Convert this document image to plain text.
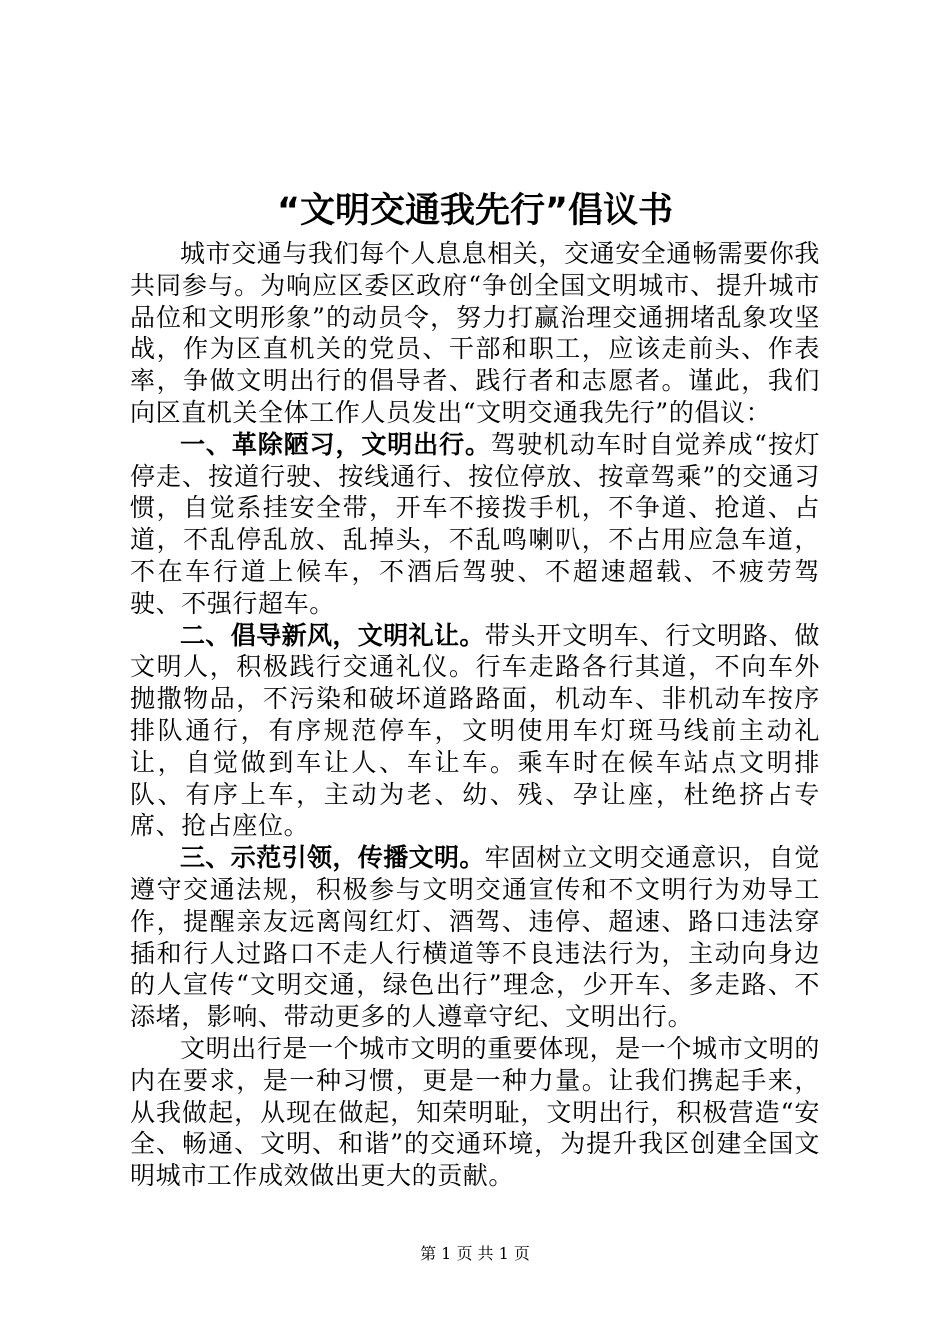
“文明交通我先行”倡议书

城市交通与我们每个人息息相关，交通安全通畅需要你我共同参与。为响应区委区政府“争创全国文明城市、提升城市品位和文明形象”的动员令，努力打赢治理交通拥堵乱象攻坚战，作为区直机关的党员、干部和职工，应该走前头、作表率，争做文明出行的倡导者、践行者和志愿者。谨此，我们向区直机关全体工作人员发出“文明交通我先行”的倡议：

一、革除陋习，文明出行。驾驶机动车时自觉养成“按灯停走、按道行驶、按线通行、按位停放、按章驾乘”的交通习惯，自觉系挂安全带，开车不接拨手机，不争道、抢道、占道，不乱停乱放、乱掉头，不乱鸣喇叭，不占用应急车道，不在车行道上候车，不酒后驾驶、不超速超载、不疲劳驾驶、不强行超车。

二、倡导新风，文明礼让。带头开文明车、行文明路、做文明人，积极践行交通礼仪。行车走路各行其道，不向车外抛撒物品，不污染和破坏道路路面，机动车、非机动车按序排队通行，有序规范停车，文明使用车灯斑马线前主动礼让，自觉做到车让人、车让车。乘车时在候车站点文明排队、有序上车，主动为老、幼、残、孕让座，杜绝挤占专席、抢占座位。

三、示范引领，传播文明。牢固树立文明交通意识，自觉遵守交通法规，积极参与文明交通宣传和不文明行为劝导工作，提醒亲友远离闯红灯、酒驾、违停、超速、路口违法穿插和行人过路口不走人行横道等不良违法行为，主动向身边的人宣传“文明交通，绿色出行”理念，少开车、多走路、不添堵，影响、带动更多的人遵章守纪、文明出行。

文明出行是一个城市文明的重要体现，是一个城市文明的内在要求，是一种习惯，更是一种力量。让我们携起手来，从我做起，从现在做起，知荣明耻，文明出行，积极营造“安全、畅通、文明、和谐”的交通环境，为提升我区创建全国文明城市工作成效做出更大的贡献。

第 1 页 共 1 页
